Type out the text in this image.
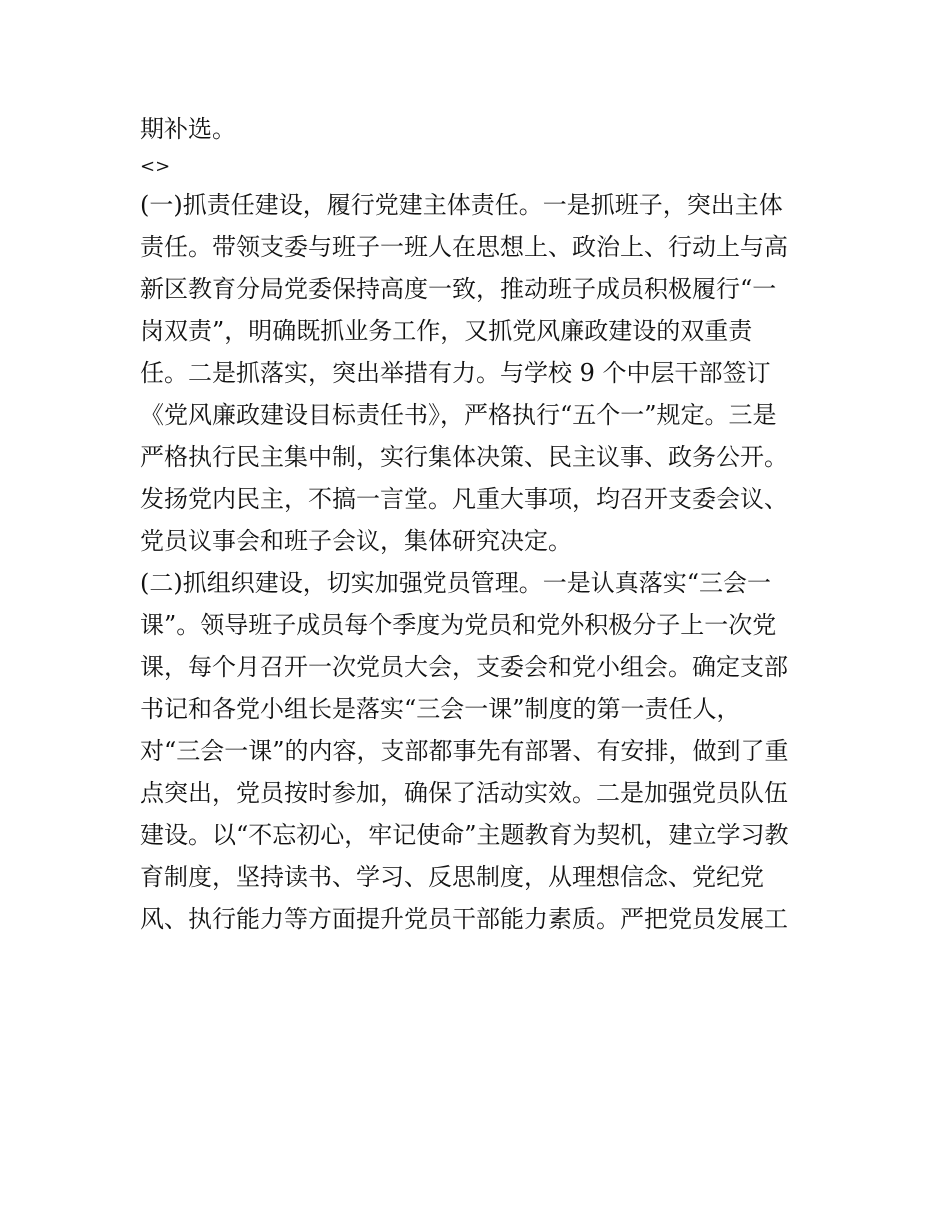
期补选。
<>
(一)抓责任建设，履行党建主体责任。一是抓班子，突出主体
责任。带领支委与班子一班人在思想上、政治上、行动上与高
新区教育分局党委保持高度一致，推动班子成员积极履行“一
岗双责”，明确既抓业务工作，又抓党风廉政建设的双重责
任。二是抓落实，突出举措有力。与学校 9 个中层干部签订
《党风廉政建设目标责任书》，严格执行“五个一”规定。三是
严格执行民主集中制，实行集体决策、民主议事、政务公开。
发扬党内民主，不搞一言堂。凡重大事项，均召开支委会议、
党员议事会和班子会议，集体研究决定。
(二)抓组织建设，切实加强党员管理。一是认真落实“三会一
课”。领导班子成员每个季度为党员和党外积极分子上一次党
课，每个月召开一次党员大会，支委会和党小组会。确定支部
书记和各党小组长是落实“三会一课”制度的第一责任人，
对“三会一课”的内容，支部都事先有部署、有安排，做到了重
点突出，党员按时参加，确保了活动实效。二是加强党员队伍
建设。以“不忘初心，牢记使命”主题教育为契机，建立学习教
育制度，坚持读书、学习、反思制度，从理想信念、党纪党
风、执行能力等方面提升党员干部能力素质。严把党员发展工
